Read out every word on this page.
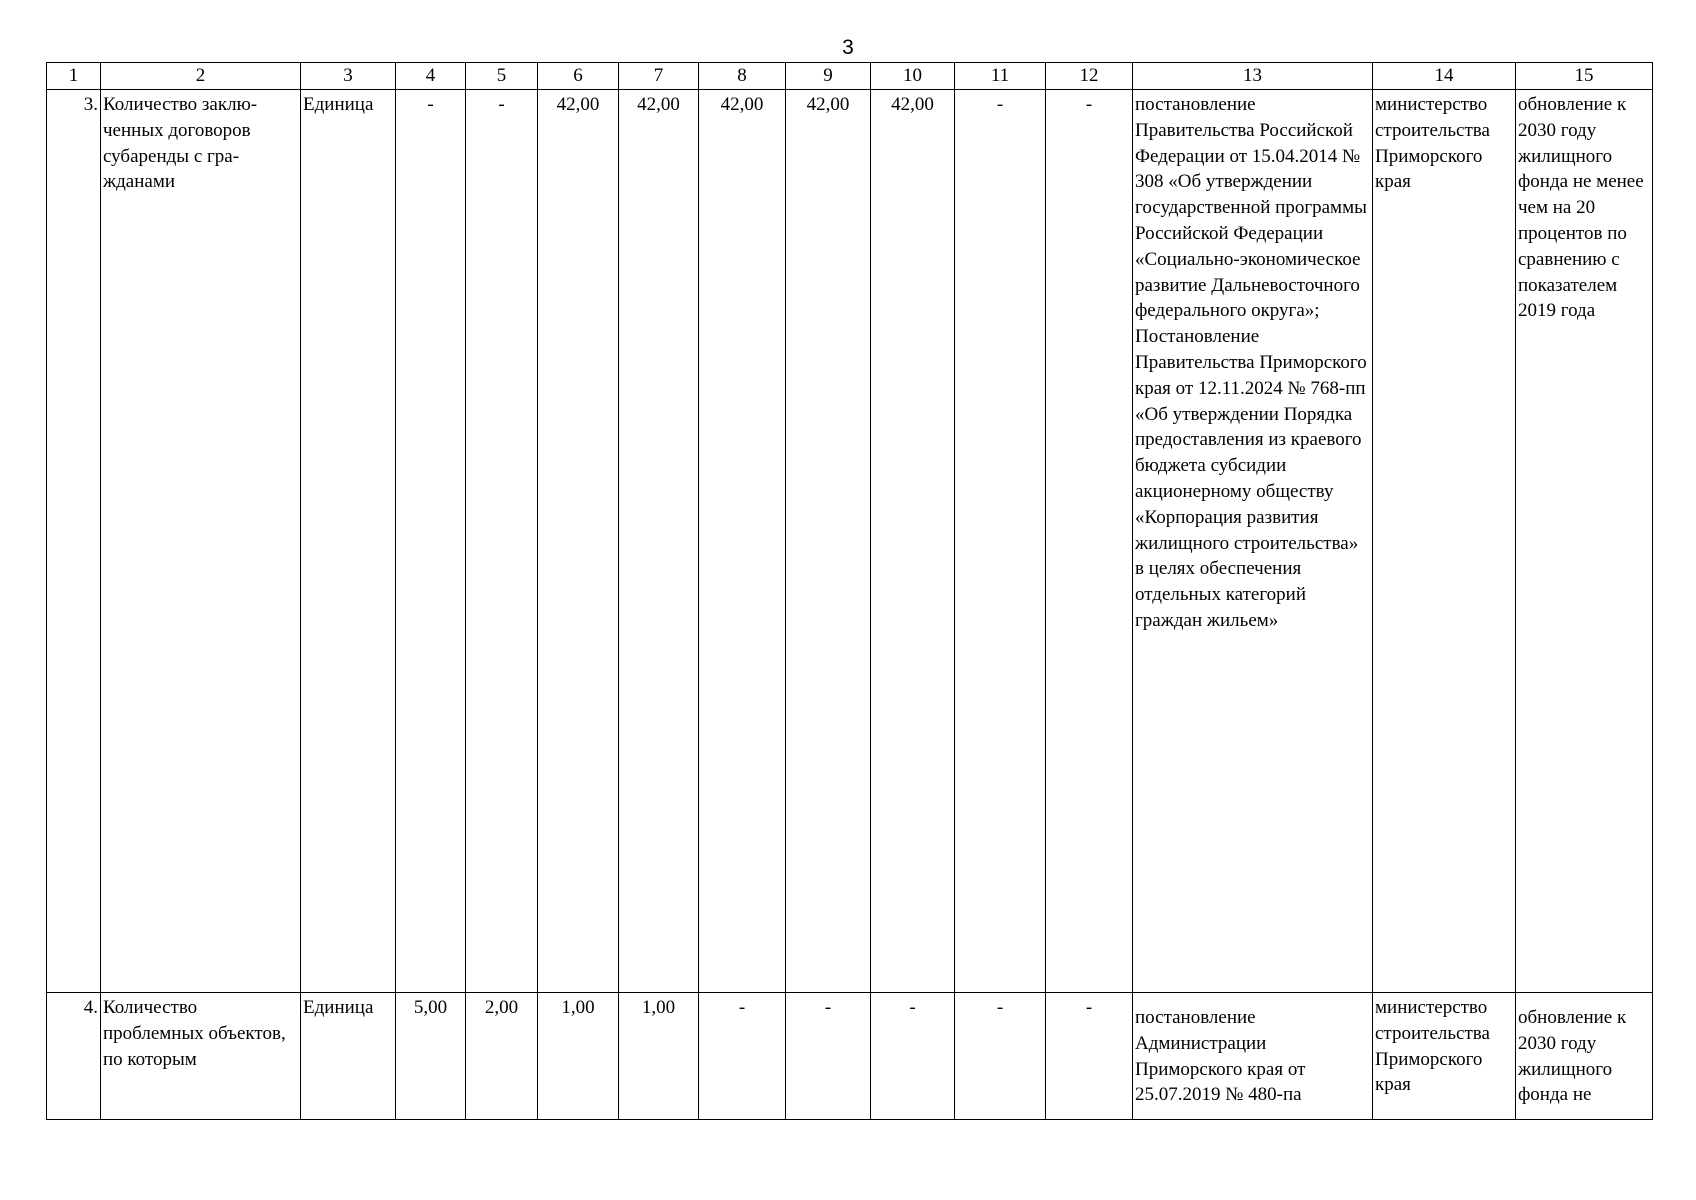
3
1	2	3	4	5	6	7	8	9	10	11	12	13	14	15
3.	Количество заклю-ченных договоров субаренды с гра-жданами	Единица	-	-	42,00	42,00	42,00	42,00	42,00	-	-	постановление Правительства Российской Федерации от 15.04.2014 № 308 «Об утверждении государственной программы Российской Федерации «Социально-экономическое развитие Дальневосточного федерального округа»; Постановление Правительства Приморского края от 12.11.2024 № 768-пп «Об утверждении Порядка предоставления из краевого бюджета субсидии акционерному обществу «Корпорация развития жилищного строительства» в целях обеспечения отдельных категорий граждан жильем»	министерство строительства Приморского края	обновление к 2030 году жилищного фонда не менее чем на 20 процентов по сравнению с показателем 2019 года
4.	Количество проблемных объектов, по которым	Единица	5,00	2,00	1,00	1,00	-	-	-	-	-	постановление Администрации Приморского края от 25.07.2019 № 480-па	министерство строительства Приморского края	обновление к 2030 году жилищного фонда не
